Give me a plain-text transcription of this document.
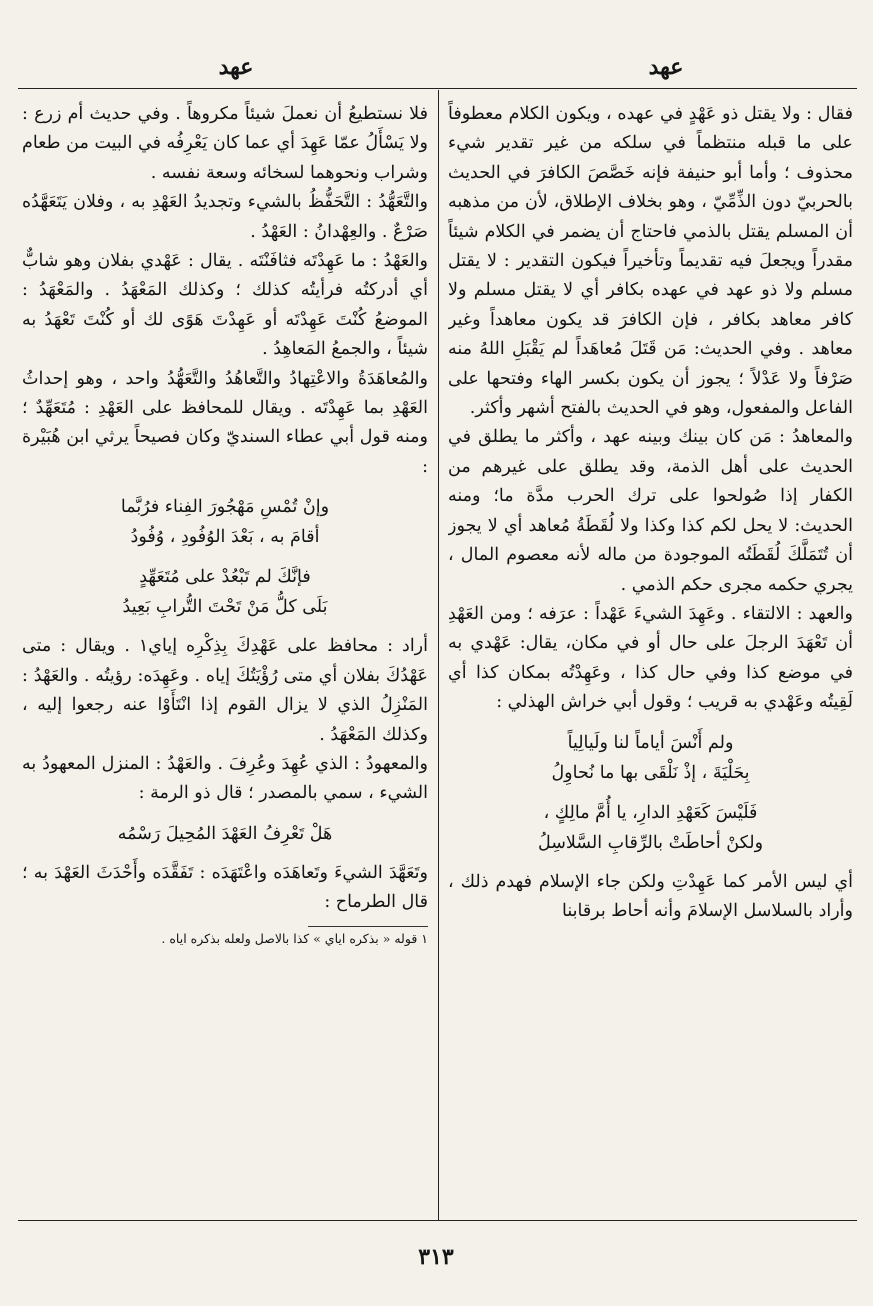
عهد
عهد

فقال : ولا يقتل ذو عَهْدٍ في عهده ، ويكون الكلام معطوفاً على ما قبله منتظماً في سلكه من غير تقدير شيء محذوف ؛ وأما أبو حنيفة فإنه خَصَّصَ الكافرَ في الحديث بالحربيّ دون الذِّمِّيّ ، وهو بخلاف الإطلاق، لأن من مذهبه أن المسلم يقتل بالذمي فاحتاج أن يضمر في الكلام شيئاً مقدراً ويجعلَ فيه تقديماً وتأخيراً فيكون التقدير : لا يقتل مسلم ولا ذو عهد في عهده بكافر أي لا يقتل مسلم ولا كافر معاهد بكافر ، فإن الكافرَ قد يكون معاهداً وغير معاهد . وفي الحديث: مَن قَتَلَ مُعاهَداً لم يَقْبَلِ اللهُ منه صَرْفاً ولا عَدْلاً ؛ يجوز أن يكون بكسر الهاء وفتحها على الفاعل والمفعول، وهو في الحديث بالفتح أشهر وأكثر.

والمعاهدُ : مَن كان بينك وبينه عهد ، وأكثر ما يطلق في الحديث على أهل الذمة، وقد يطلق على غيرهم من الكفار إذا صُولحوا على ترك الحرب مدَّة ما؛ ومنه الحديث: لا يحل لكم كذا وكذا ولا لُقَطَةُ مُعاهد أي لا يجوز أن تُتَمَلَّكَ لُقَطَتُه الموجودة من ماله لأنه معصوم المال ، يجري حكمه مجرى حكم الذمي .

والعهد : الالتقاء . وعَهِدَ الشيءَ عَهْداً : عرَفه ؛ ومن العَهْدِ أن تَعْهَدَ الرجلَ على حال أو في مكان، يقال: عَهْدي به في موضع كذا وفي حال كذا ، وعَهِدْتُه بمكان كذا أي لَقِيتُه وعَهْدي به قريب ؛ وقول أبي خراش الهذلي :

ولم أَنْسَ أياماً لنا ولَيالِياً
بِحَلْيَةَ ، إذْ نَلْقَى بها ما نُحاوِلُ
فَلَيْسَ كَعَهْدِ الدارِ، يا أُمَّ مالِكٍ ،
ولكنْ أحاطَتْ بالرِّقابِ السَّلاسِلُ

أي ليس الأمر كما عَهِدْتِ ولكن جاء الإسلام فهدم ذلك ، وأراد بالسلاسل الإسلامَ وأنه أحاط برقابنا

فلا نستطيعُ أن نعملَ شيئاً مكروهاً . وفي حديث أم زرع : ولا يَسْأَلُ عمّا عَهِدَ أي عما كان يَعْرِفُه في البيت من طعام وشراب ونحوهما لسخائه وسعة نفسه .

والتَّعَهُّدُ : التَّحَفُّظُ بالشيء وتجديدُ العَهْدِ به ، وفلان يَتَعَهَّدُه صَرْعٌ . والعِهْدانُ : العَهْدُ .

والعَهْدُ : ما عَهِدْتَه فثافَنْتَه . يقال : عَهْدي بفلان وهو شابٌّ أي أدركتُه فرأيتُه كذلك ؛ وكذلك المَعْهَدُ . والمَعْهَدُ : الموضعُ كُنْتَ عَهِدْتَه أو عَهِدْتَ هَوًى لك أو كُنْتَ تَعْهَدُ به شيئاً ، والجمعُ المَعاهِدُ .

والمُعاهَدَةُ والاعْتِهادُ والتَّعاهُدُ والتَّعَهُّدُ واحد ، وهو إحداثُ العَهْدِ بما عَهِدْتَه . ويقال للمحافظ على العَهْدِ : مُتَعَهِّدٌ ؛ ومنه قول أبي عطاء السنديّ وكان فصيحاً يرثي ابن هُبَيْرة :

وإنْ تُمْسِ مَهْجُورَ الفِناء فرُبَّما
أقامَ به ، بَعْدَ الوُفُودِ ، وُفُودُ
فإنَّكَ لم تَبْعُدْ على مُتَعَهِّدٍ
بَلَى كلُّ مَنْ تَحْتَ التُّرابِ بَعِيدُ

أراد : محافظ على عَهْدِكَ بِذِكْرِه إياي١ . ويقال : متى عَهْدُكَ بفلان أي متى رُؤْيَتُكَ إياه . وعَهِدَه: رؤيتُه . والعَهْدُ : المَنْزِلُ الذي لا يزال القوم إذا انْتَأَوْا عنه رجعوا إليه ، وكذلك المَعْهَدُ .

والمعهودُ : الذي عُهِدَ وعُرِفَ . والعَهْدُ : المنزل المعهودُ به الشيء ، سمي بالمصدر ؛ قال ذو الرمة :

هَلْ تَعْرِفُ العَهْدَ المُحِيلَ رَسْمُه

وتَعَهَّدَ الشيءَ وتَعاهَدَه واعْتَهَدَه : تَفَقَّدَه وأَحْدَثَ العَهْدَ به ؛ قال الطرماح :

١ قوله « بذكره اياي » كذا بالاصل ولعله بذكره اياه .

٣١٣
